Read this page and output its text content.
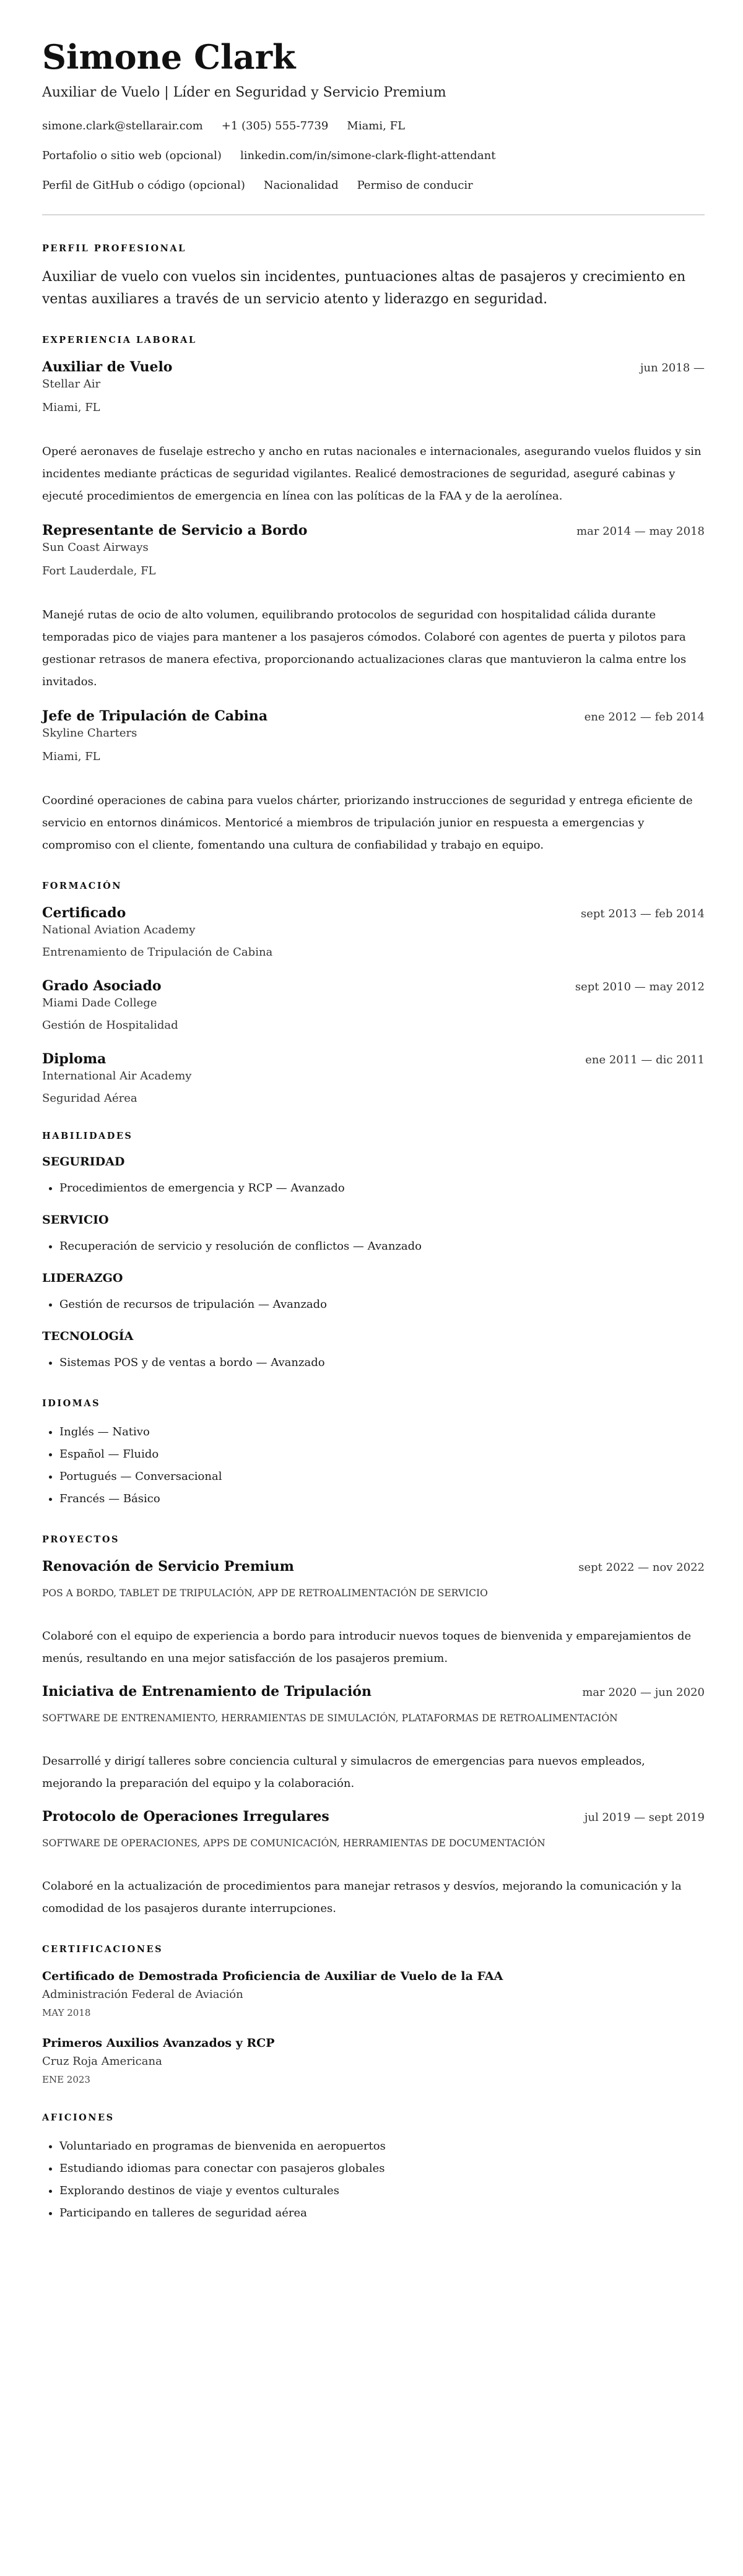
Simone Clark
Auxiliar de Vuelo | Líder en Seguridad y Servicio Premium
simone.clark@stellarair.com +1 (305) 555-7739 Miami, FL
Portafolio o sitio web (opcional) linkedin.com/in/simone-clark-flight-attendant
Perfil de GitHub o código (opcional) Nacionalidad Permiso de conducir
PERFIL PROFESIONAL

Auxiliar de vuelo con vuelos sin incidentes, puntuaciones altas de pasajeros y crecimiento en ventas auxiliares a través de un servicio atento y liderazgo en seguridad.

EXPERIENCIA LABORAL
Auxiliar de Vuelo	jun 2018 —
Stellar Air
Miami, FL

Operé aeronaves de fuselaje estrecho y ancho en rutas nacionales e internacionales, asegurando vuelos fluidos y sin incidentes mediante prácticas de seguridad vigilantes. Realicé demostraciones de seguridad, aseguré cabinas y ejecuté procedimientos de emergencia en línea con las políticas de la FAA y de la aerolínea.

Representante de Servicio a Bordo	mar 2014 — may 2018
Sun Coast Airways
Fort Lauderdale, FL

Manejé rutas de ocio de alto volumen, equilibrando protocolos de seguridad con hospitalidad cálida durante temporadas pico de viajes para mantener a los pasajeros cómodos. Colaboré con agentes de puerta y pilotos para gestionar retrasos de manera efectiva, proporcionando actualizaciones claras que mantuvieron la calma entre los invitados.

Jefe de Tripulación de Cabina	ene 2012 — feb 2014
Skyline Charters
Miami, FL

Coordiné operaciones de cabina para vuelos chárter, priorizando instrucciones de seguridad y entrega eficiente de servicio en entornos dinámicos. Mentoricé a miembros de tripulación junior en respuesta a emergencias y compromiso con el cliente, fomentando una cultura de confiabilidad y trabajo en equipo.

FORMACIÓN
Certificado	sept 2013 — feb 2014
National Aviation Academy
Entrenamiento de Tripulación de Cabina
Grado Asociado	sept 2010 — may 2012
Miami Dade College
Gestión de Hospitalidad
Diploma	ene 2011 — dic 2011
International Air Academy
Seguridad Aérea
HABILIDADES
SEGURIDAD
• Procedimientos de emergencia y RCP — Avanzado
SERVICIO
• Recuperación de servicio y resolución de conflictos — Avanzado
LIDERAZGO
• Gestión de recursos de tripulación — Avanzado
TECNOLOGÍA
• Sistemas POS y de ventas a bordo — Avanzado
IDIOMAS
• Inglés — Nativo
• Español — Fluido
• Portugués — Conversacional
• Francés — Básico
PROYECTOS
Renovación de Servicio Premium	sept 2022 — nov 2022
POS A BORDO, TABLET DE TRIPULACIÓN, APP DE RETROALIMENTACIÓN DE SERVICIO

Colaboré con el equipo de experiencia a bordo para introducir nuevos toques de bienvenida y emparejamientos de menús, resultando en una mejor satisfacción de los pasajeros premium.

Iniciativa de Entrenamiento de Tripulación	mar 2020 — jun 2020
SOFTWARE DE ENTRENAMIENTO, HERRAMIENTAS DE SIMULACIÓN, PLATAFORMAS DE RETROALIMENTACIÓN

Desarrollé y dirigí talleres sobre conciencia cultural y simulacros de emergencias para nuevos empleados, mejorando la preparación del equipo y la colaboración.

Protocolo de Operaciones Irregulares	jul 2019 — sept 2019
SOFTWARE DE OPERACIONES, APPS DE COMUNICACIÓN, HERRAMIENTAS DE DOCUMENTACIÓN

Colaboré en la actualización de procedimientos para manejar retrasos y desvíos, mejorando la comunicación y la comodidad de los pasajeros durante interrupciones.

CERTIFICACIONES
Certificado de Demostrada Proficiencia de Auxiliar de Vuelo de la FAA
Administración Federal de Aviación
MAY 2018
Primeros Auxilios Avanzados y RCP
Cruz Roja Americana
ENE 2023
AFICIONES
• Voluntariado en programas de bienvenida en aeropuertos
• Estudiando idiomas para conectar con pasajeros globales
• Explorando destinos de viaje y eventos culturales
• Participando en talleres de seguridad aérea
